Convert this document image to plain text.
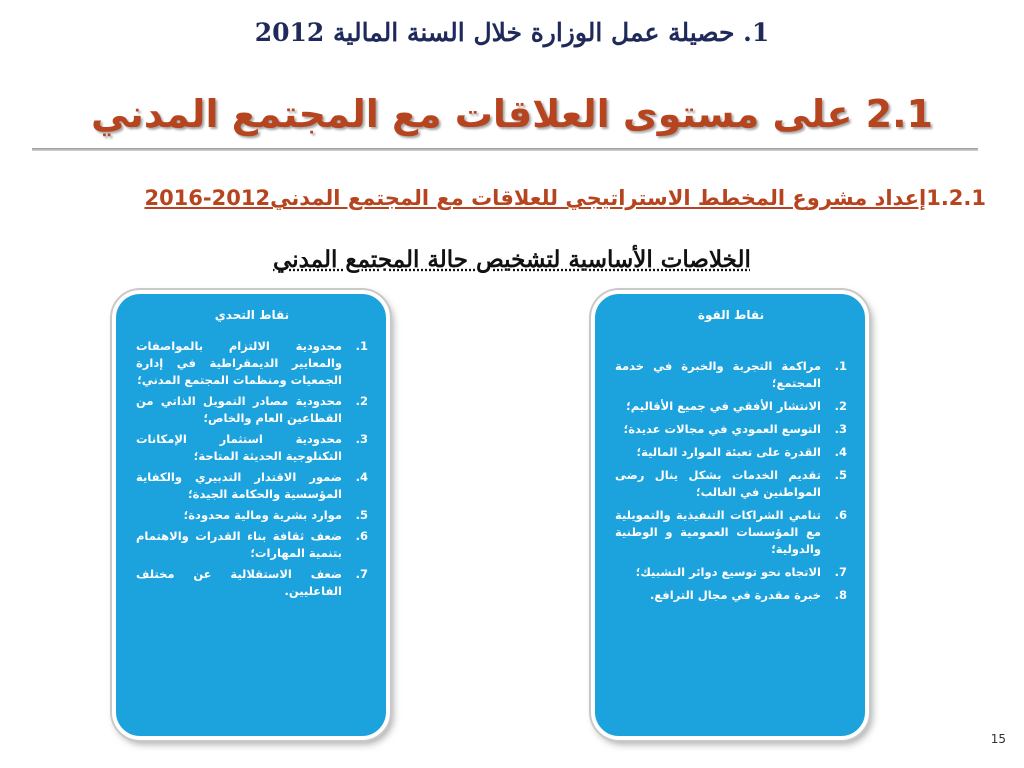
1. حصيلة عمل الوزارة خلال السنة المالية 2012
2.1 على مستوى العلاقات مع المجتمع المدني
1.2.1إعداد مشروع المخطط الاستراتيجي للعلاقات مع المجتمع المدني2012-2016
الخلاصات الأساسية لتشخيص حالة المجتمع المدني
نقاط التحدي
1.
محدودية الالتزام بالمواصفات والمعايير الديمقراطية في إدارة الجمعيات ومنظمات المجتمع المدني؛
2.
محدودية مصادر التمويل الذاتي من القطاعين العام والخاص؛
3.
محدودية استثمار الإمكانات التكنلوجية الحديثة المتاحة؛
4.
ضمور الاقتدار التدبيري والكفاية المؤسسية والحكامة الجيدة؛
5.
موارد بشرية ومالية محدودة؛
6.
ضعف ثقافة بناء القدرات والاهتمام بتنمية المهارات؛
7.
ضعف الاستقلالية عن مختلف الفاعليين.
نقاط القوة
1.
مراكمة التجربة والخبرة في خدمة المجتمع؛
2.
الانتشار الأفقي في جميع الأقاليم؛
3.
التوسع العمودي في مجالات عديدة؛
4.
القدرة على تعبئة الموارد المالية؛
5.
تقديم الخدمات بشكل ينال رضى المواطنين في الغالب؛
6.
تنامي الشراكات التنفيذية والتمويلية مع المؤسسات العمومية و الوطنية والدولية؛
7.
الاتجاه نحو توسيع دوائر التشبيك؛
8.
خبرة مقدرة في مجال الترافع.
15
